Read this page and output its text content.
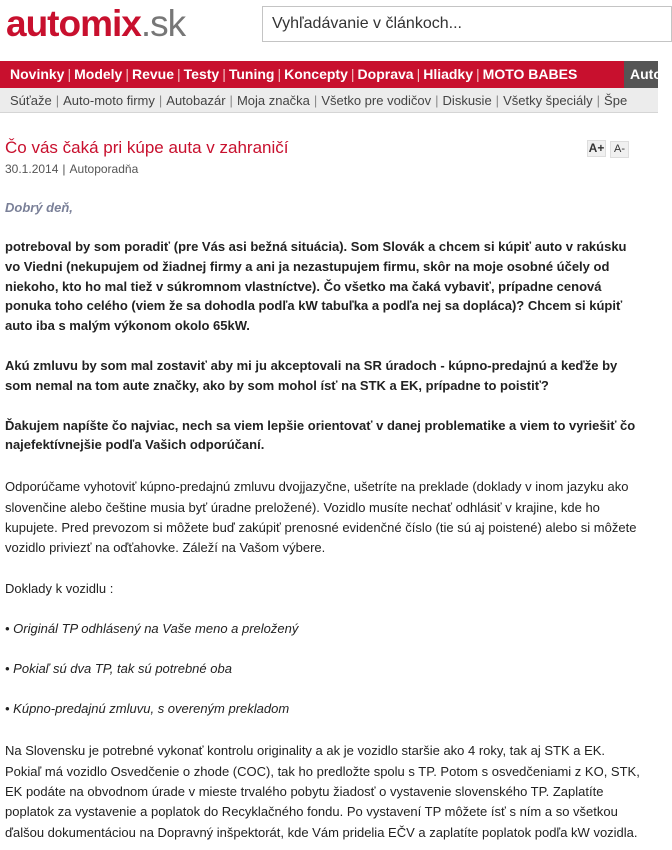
automix.sk	Vyhľadávanie v článkoch...
Novinky | Modely | Revue | Testy | Tuning | Koncepty | Doprava | Hliadky | MOTO BABES	Auto
Súťaže | Auto-moto firmy | Autobazár | Moja značka | Všetko pre vodičov | Diskusie | Všetky špeciály | Špe
Čo vás čaká pri kúpe auta v zahraničí
30.1.2014 | Autoporadňa
A+ A-
Dobrý deň,

potreboval by som poradiť (pre Vás asi bežná situácia). Som Slovák a chcem si kúpiť auto v rakúsku
vo Viedni (nekupujem od žiadnej firmy a ani ja nezastupujem firmu, skôr na moje osobné účely od
niekoho, kto ho mal tiež v súkromnom vlastníctve). Čo všetko ma čaká vybaviť, prípadne cenová
ponuka toho celého (viem že sa dohodla podľa kW tabuľka a podľa nej sa dopláca)? Chcem si kúpiť
auto iba s malým výkonom okolo 65kW.

Akú zmluvu by som mal zostaviť aby mi ju akceptovali na SR úradoch - kúpno-predajnú a keďže by
som nemal na tom aute značky, ako by som mohol ísť na STK a EK, prípadne to poistiť?

Ďakujem napíšte čo najviac, nech sa viem lepšie orientovať v danej problematike a viem to vyriešiť čo
najefektívnejšie podľa Vašich odporúčaní.

Odporúčame vyhotoviť kúpno-predajnú zmluvu dvojjazyčne, ušetríte na preklade (doklady v inom jazyku ako
slovenčine alebo češtine musia byť úradne preložené). Vozidlo musíte nechať odhlásiť v krajine, kde ho
kupujete. Pred prevozom si môžete buď zakúpiť prenosné evidenčné číslo (tie sú aj poistené) alebo si môžete
vozidlo priviezť na oďťahovke. Záleží na Vašom výbere.

Doklady k vozidlu :

• Originál TP odhlásený na Vaše meno a preložený

• Pokiaľ sú dva TP, tak sú potrebné oba

• Kúpno-predajnú zmluvu, s overeným prekladom

Na Slovensku je potrebné vykonať kontrolu originality a ak je vozidlo staršie ako 4 roky, tak aj STK a EK.
Pokiaľ má vozidlo Osvedčenie o zhode (COC), tak ho predložte spolu s TP. Potom s osvedčeniami z KO, STK,
EK podáte na obvodnom úrade v mieste trvalého pobytu žiadosť o vystavenie slovenského TP. Zaplatíte
poplatok za vystavenie a poplatok do Recyklačného fondu. Po vystavení TP môžete ísť s ním a so všetkou
ďalšou dokumentáciou na Dopravný inšpektorát, kde Vám pridelia EČV a zaplatíte poplatok podľa kW vozidla.
